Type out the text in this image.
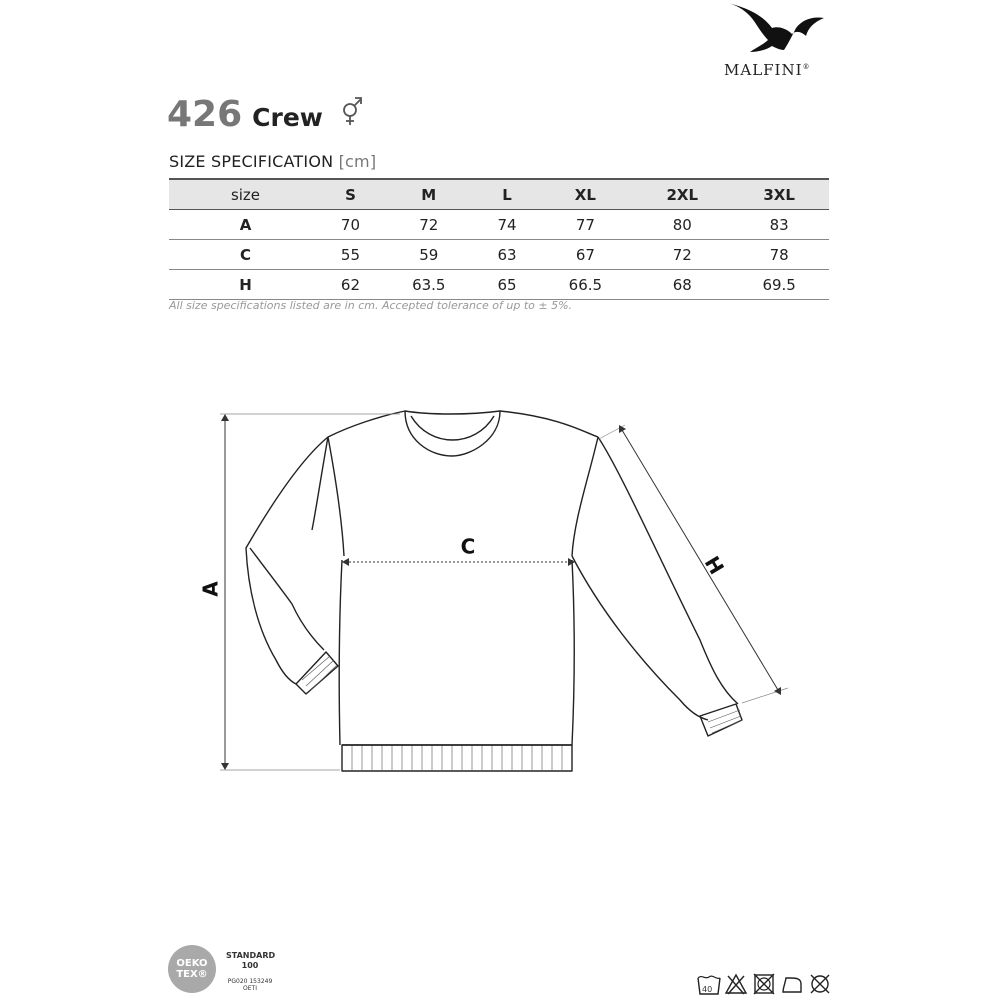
MALFINI®
426 Crew
SIZE SPECIFICATION [cm]
size	S	M	L	XL	2XL	3XL
A	70	72	74	77	80	83
C	55	59	63	67	72	78
H	62	63.5	65	66.5	68	69.5
All size specifications listed are in cm. Accepted tolerance of up to ± 5%.
A
C
H
OEKO
TEX®
STANDARD
100
PG020 153249
OETI	40
